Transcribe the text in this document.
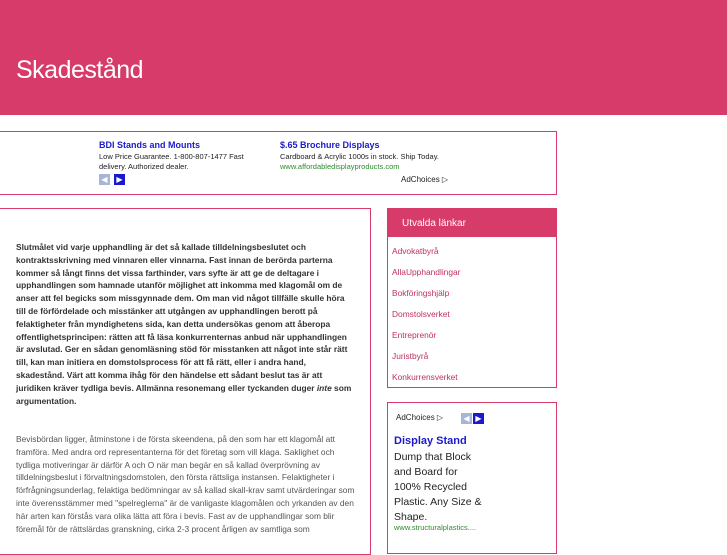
Skadestånd
BDI Stands and Mounts
Low Price Guarantee. 1-800-807-1477 Fast delivery. Authorized dealer.
$.65 Brochure Displays
Cardboard & Acrylic 1000s in stock. Ship Today.
www.affordabledisplayproducts.com
◀ ▶	AdChoices ▷
Slutmålet vid varje upphandling är det så kallade tilldelningsbeslutet och kontraktsskrivning med vinnaren eller vinnarna. Fast innan de berörda parterna kommer så långt finns det vissa farthinder, vars syfte är att ge de deltagare i upphandlingen som hamnade utanför möjlighet att inkomma med klagomål om de anser att fel begicks som missgynnade dem. Om man vid något tillfälle skulle höra till de förfördelade och misstänker att utgången av upphandlingen berott på felaktigheter från myndighetens sida, kan detta undersökas genom att åberopa offentlighetsprincipen: rätten att få läsa konkurrenternas anbud när upphandlingen är avslutad. Ger en sådan genomläsning stöd för misstanken att något inte står rätt till, kan man initiera en domstolsprocess för att få rätt, eller i andra hand, skadestånd. Värt att komma ihåg för den händelse ett sådant beslut tas är att juridiken kräver tydliga bevis. Allmänna resonemang eller tyckanden duger inte som argumentation.
Bevisbördan ligger, åtminstone i de första skeendena, på den som har ett klagomål att framföra. Med andra ord representanterna för det företag som vill klaga. Saklighet och tydliga motiveringar är därför A och O när man begär en så kallad överprövning av tilldelningsbeslut i förvaltningsdomstolen, den första rättsliga instansen. Felaktigheter i förfrågningsunderlag, felaktiga bedömningar av så kallad skall-krav samt utvärderingar som inte överensstämmer med "spelreglerna" är de vanligaste klagomålen och yrkanden av den här arten kan förstås vara olika lätta att föra i bevis. Fast av de upphandlingar som blir föremål för de rättslärdas granskning, cirka 2-3 procent årligen av samtliga som
Utvalda länkar
Advokatbyrå
AllaUpphandlingar
Bokföringshjälp
Domstolsverket
Entreprenör
Juristbyrå
Konkurrensverket
AdChoices ▷	◀ ▶
Display Stand
Dump that Block and Board for 100% Recycled Plastic. Any Size & Shape.
www.structuralplastics....
